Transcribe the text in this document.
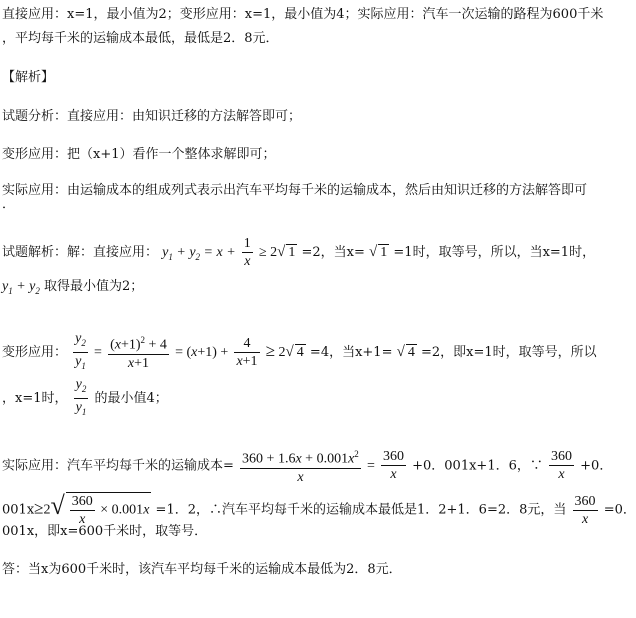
直接应用：x=1，最小值为2；变形应用：x=1，最小值为4；实际应用：汽车一次运输的路程为600千米
，平均每千米的运输成本最低，最低是2．8元．
【解析】
试题分析：直接应用：由知识迁移的方法解答即可；
变形应用：把（x+1）看作一个整体求解即可；
实际应用：由运输成本的组成列式表示出汽车平均每千米的运输成本，然后由知识迁移的方法解答即可
．
试题解析：解：直接应用： $y_1 + y_2 = x + \frac{1}{x} \ge 2√$ 1 =2，当x= √ 1 =1时，取等号，所以，当x=1时，
$y_1 + y_2$ 取得最小值为2；
变形应用： $\frac{y_2}{y_1} = \frac{(x+1)^2 + 4}{x+1} = (x+1) + \frac{4}{x+1} \ge 2√$ 4 =4，当x+1= √ 4 =2，即x=1时，取等号，所以
，x=1时， $\frac{y_2}{y_1}$ 的最小值4；
实际应用：汽车平均每千米的运输成本= $\frac{360 + 1.6x + 0.001x^2}{x} = \frac{360}{x} +0$．001x+1．6，∵ $\frac{360}{x} +0$．
$001x\ge 2√ \frac{360}{x} \times 0.001x =1$．2，∴汽车平均每千米的运输成本最低是1．2+1．6=2．8元，当 $\frac{360}{x} =0$．
001x，即x=600千米时，取等号．
答：当x为600千米时，该汽车平均每千米的运输成本最低为2．8元．
